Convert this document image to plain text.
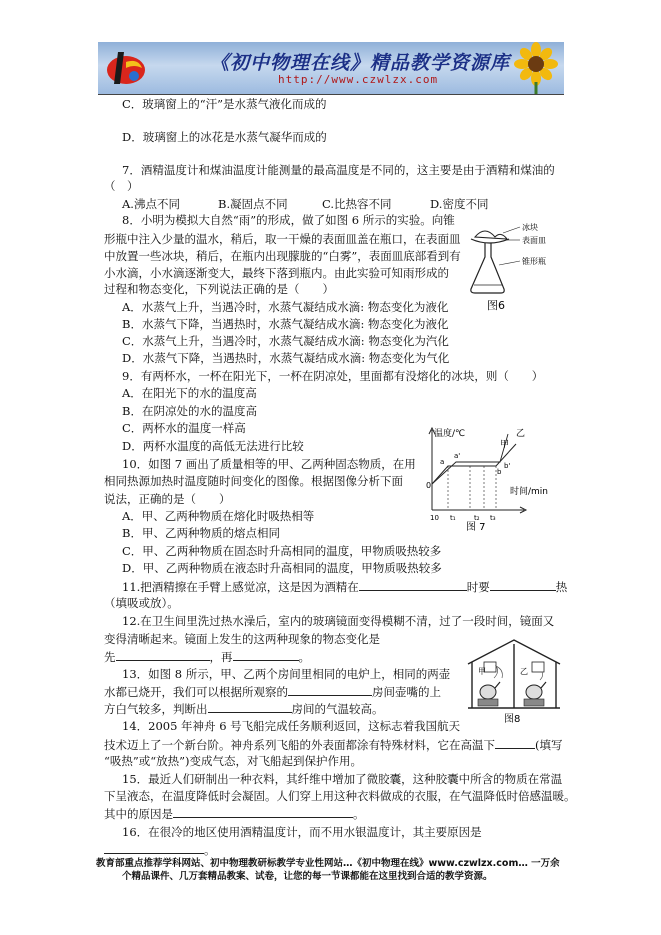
《初中物理在线》精品教学资源库
http://www.czwlzx.com
C．玻璃窗上的“汗”是水蒸气液化而成的
D．玻璃窗上的冰花是水蒸气凝华而成的
7．酒精温度计和煤油温度计能测量的最高温度是不同的，这主要是由于酒精和煤油的
（　）
A.沸点不同	B.凝固点不同	C.比热容不同	D.密度不同
8．小明为模拟大自然“雨”的形成，做了如图 6 所示的实验。向锥
形瓶中注入少量的温水，稍后，取一干燥的表面皿盖在瓶口，在表面皿
中放置一些冰块，稍后，在瓶内出现朦胧的“白雾”，表面皿底部看到有
小水滴，小水滴逐渐变大，最终下落到瓶内。由此实验可知雨形成的
过程和物态变化，下列说法正确的是（　　）
A．水蒸气上升，当遇冷时，水蒸气凝结成水滴: 物态变化为液化
B．水蒸气下降，当遇热时，水蒸气凝结成水滴: 物态变化为液化
C．水蒸气上升，当遇冷时，水蒸气凝结成水滴: 物态变化为汽化
D．水蒸气下降，当遇热时，水蒸气凝结成水滴: 物态变化为气化
9．有两杯水，一杯在阳光下，一杯在阴凉处，里面都有没熔化的冰块，则（　　）
A．在阳光下的水的温度高
B．在阴凉处的水的温度高
C．两杯水的温度一样高
D．两杯水温度的高低无法进行比较
10．如图 7 画出了质量相等的甲、乙两种固态物质，在用
相同热源加热时温度随时间变化的图像。根据图像分析下面
说法，正确的是（　　）
A．甲、乙两种物质在熔化时吸热相等
B．甲、乙两种物质的熔点相同
C．甲、乙两种物质在固态时升高相同的温度，甲物质吸热较多
D．甲、乙两种物质在液态时升高相同的温度，甲物质吸热较多
11.把酒精擦在手臂上感觉凉，这是因为酒精在	时要	热
（填吸或放）。
12.在卫生间里洗过热水澡后，室内的玻璃镜面变得模糊不清，过了一段时间，镜面又
变得清晰起来。镜面上发生的这两种现象的物态变化是
先	，再	。
13．如图 8 所示，甲、乙两个房间里相同的电炉上，相同的两壶
水都已烧开，我们可以根据所观察的	房间壶嘴的上
方白气较多，判断出	房间的气温较高。
14．2005 年神舟 6 号飞船完成任务顺利返回，这标志着我国航天
技术迈上了一个新台阶。神舟系列飞船的外表面都涂有特殊材料，它在高温下	(填写
“吸热”或“放热”)变成气态，对飞船起到保护作用。
15．最近人们研制出一种衣料，其纤维中增加了微胶囊，这种胶囊中所含的物质在常温
下呈液态，在温度降低时会凝固。人们穿上用这种衣料做成的衣服，在气温降低时倍感温暖。
其中的原因是	。
16．在很冷的地区使用酒精温度计，而不用水银温度计，其主要原因是
。
冰块
表面皿
锥形瓶
图6
温度/℃
时间/min
0
a
a'
b
b'
甲
乙
10 t₁	t₂ t₃
图 7
甲	乙
图8
教育部重点推荐学科网站、初中物理教研标教学专业性网站…《初中物理在线》www.czwlzx.com… 一万余
个精品课件、几万套精品教案、试卷，让您的每一节课都能在这里找到合适的教学资源。
